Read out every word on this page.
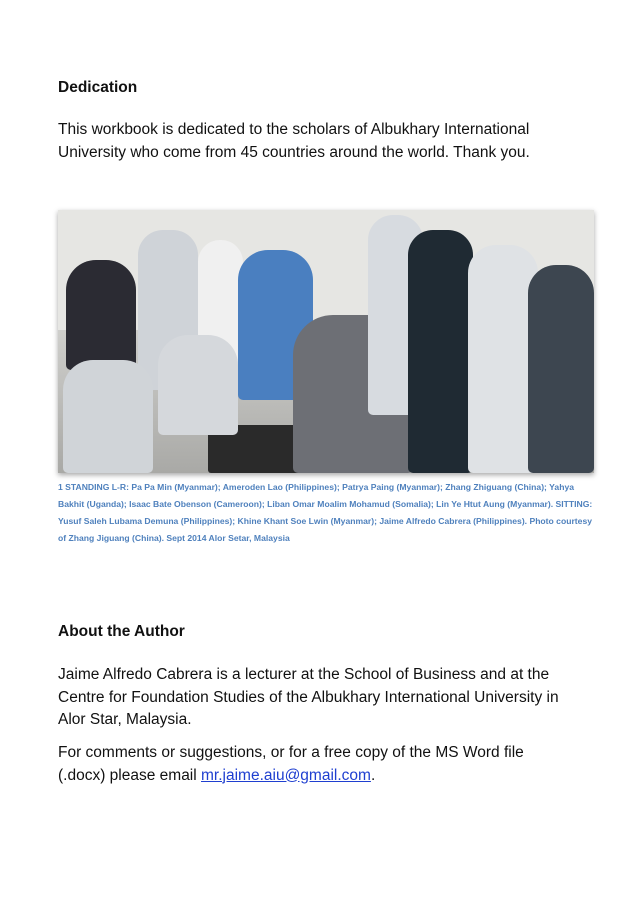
Dedication

This workbook is dedicated to the scholars of Albukhary International University who come from 45 countries around the world. Thank you.

1 STANDING L-R: Pa Pa Min (Myanmar); Ameroden Lao (Philippines); Patrya Paing (Myanmar); Zhang Zhiguang (China); Yahya Bakhit (Uganda); Isaac Bate Obenson (Cameroon); Liban Omar Moalim Mohamud (Somalia); Lin Ye Htut Aung (Myanmar). SITTING: Yusuf Saleh Lubama Demuna (Philippines); Khine Khant Soe Lwin (Myanmar); Jaime Alfredo Cabrera (Philippines). Photo courtesy of Zhang Jiguang (China). Sept 2014 Alor Setar, Malaysia

About the Author

Jaime Alfredo Cabrera is a lecturer at the School of Business and at the Centre for Foundation Studies of the Albukhary International University in Alor Star, Malaysia.

For comments or suggestions, or for a free copy of the MS Word file (.docx) please email mr.jaime.aiu@gmail.com.
